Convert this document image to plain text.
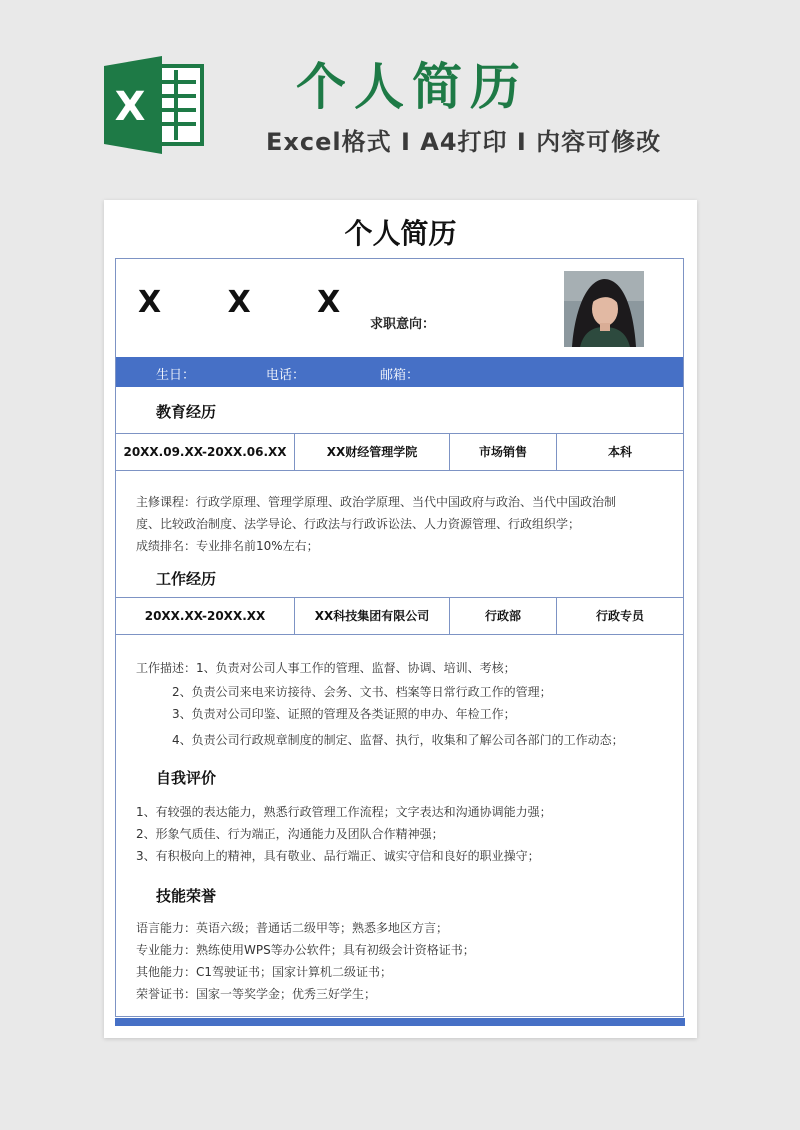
X	个人简历
Excel格式 I A4打印 I 内容可修改
个人简历
X X X
求职意向：
生日：	电话：	邮箱：
教育经历
20XX.09.XX-20XX.06.XX	XX财经管理学院	市场销售	本科
主修课程：行政学原理、管理学原理、政治学原理、当代中国政府与政治、当代中国政治制
度、比较政治制度、法学导论、行政法与行政诉讼法、人力资源管理、行政组织学；
成绩排名：专业排名前10%左右；
工作经历
20XX.XX-20XX.XX	XX科技集团有限公司	行政部	行政专员
工作描述：1、负责对公司人事工作的管理、监督、协调、培训、考核；
2、负责公司来电来访接待、会务、文书、档案等日常行政工作的管理；
3、负责对公司印鉴、证照的管理及各类证照的申办、年检工作；
4、负责公司行政规章制度的制定、监督、执行，收集和了解公司各部门的工作动态；
自我评价
1、有较强的表达能力，熟悉行政管理工作流程；文字表达和沟通协调能力强；
2、形象气质佳、行为端正，沟通能力及团队合作精神强；
3、有积极向上的精神，具有敬业、品行端正、诚实守信和良好的职业操守；
技能荣誉
语言能力：英语六级；普通话二级甲等；熟悉多地区方言；
专业能力：熟练使用WPS等办公软件；具有初级会计资格证书；
其他能力：C1驾驶证书；国家计算机二级证书；
荣誉证书：国家一等奖学金；优秀三好学生；
